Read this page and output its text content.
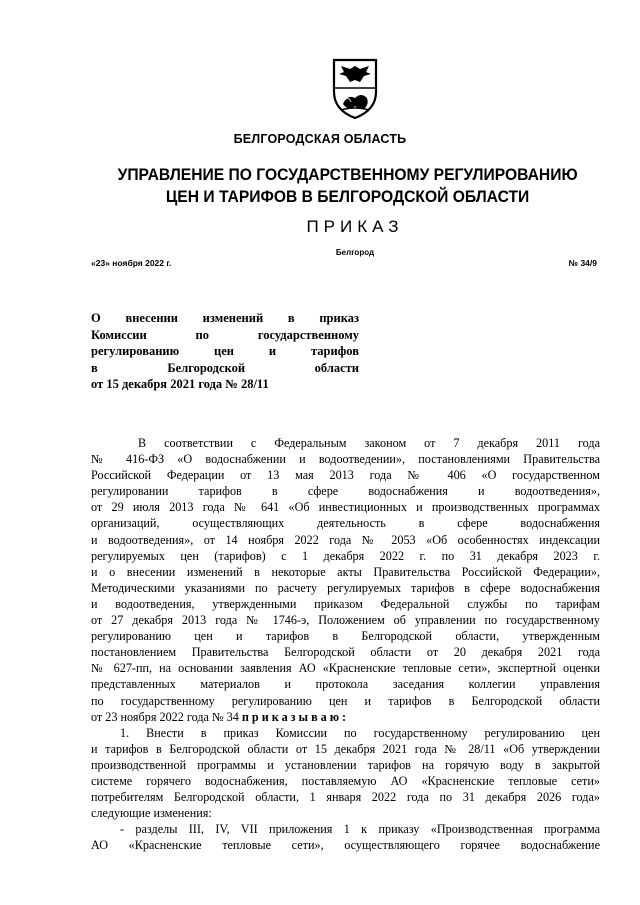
БЕЛГОРОДСКАЯ ОБЛАСТЬ
УПРАВЛЕНИЕ ПО ГОСУДАРСТВЕННОМУ РЕГУЛИРОВАНИЮ
ЦЕН И ТАРИФОВ В БЕЛГОРОДСКОЙ ОБЛАСТИ
ПРИКАЗ
Белгород
«23» ноября 2022 г.	№ 34/9
О внесении изменений в приказ
Комиссии по государственному
регулированию цен и тарифов
в Белгородской области
от 15 декабря 2021 года № 28/11
В соответствии с Федеральным законом от 7 декабря 2011 года
№ 416-ФЗ «О водоснабжении и водоотведении», постановлениями Правительства
Российской Федерации от 13 мая 2013 года № 406 «О государственном
регулировании тарифов в сфере водоснабжения и водоотведения»,
от 29 июля 2013 года № 641 «Об инвестиционных и производственных программах
организаций, осуществляющих деятельность в сфере водоснабжения
и водоотведения», от 14 ноября 2022 года № 2053 «Об особенностях индексации
регулируемых цен (тарифов) с 1 декабря 2022 г. по 31 декабря 2023 г.
и о внесении изменений в некоторые акты Правительства Российской Федерации»,
Методическими указаниями по расчету регулируемых тарифов в сфере водоснабжения
и водоотведения, утвержденными приказом Федеральной службы по тарифам
от 27 декабря 2013 года № 1746-э, Положением об управлении по государственному
регулированию цен и тарифов в Белгородской области, утвержденным
постановлением Правительства Белгородской области от 20 декабря 2021 года
№ 627-пп, на основании заявления АО «Красненские тепловые сети», экспертной оценки
представленных материалов и протокола заседания коллегии управления
по государственному регулированию цен и тарифов в Белгородской области
от 23 ноября 2022 года № 34 приказываю:
1. Внести в приказ Комиссии по государственному регулированию цен
и тарифов в Белгородской области от 15 декабря 2021 года № 28/11 «Об утверждении
производственной программы и установлении тарифов на горячую воду в закрытой
системе горячего водоснабжения, поставляемую АО «Красненские тепловые сети»
потребителям Белгородской области, 1 января 2022 года по 31 декабря 2026 года»
следующие изменения:
- разделы III, IV, VII приложения 1 к приказу «Производственная программа
АО «Красненские тепловые сети», осуществляющего горячее водоснабжение
